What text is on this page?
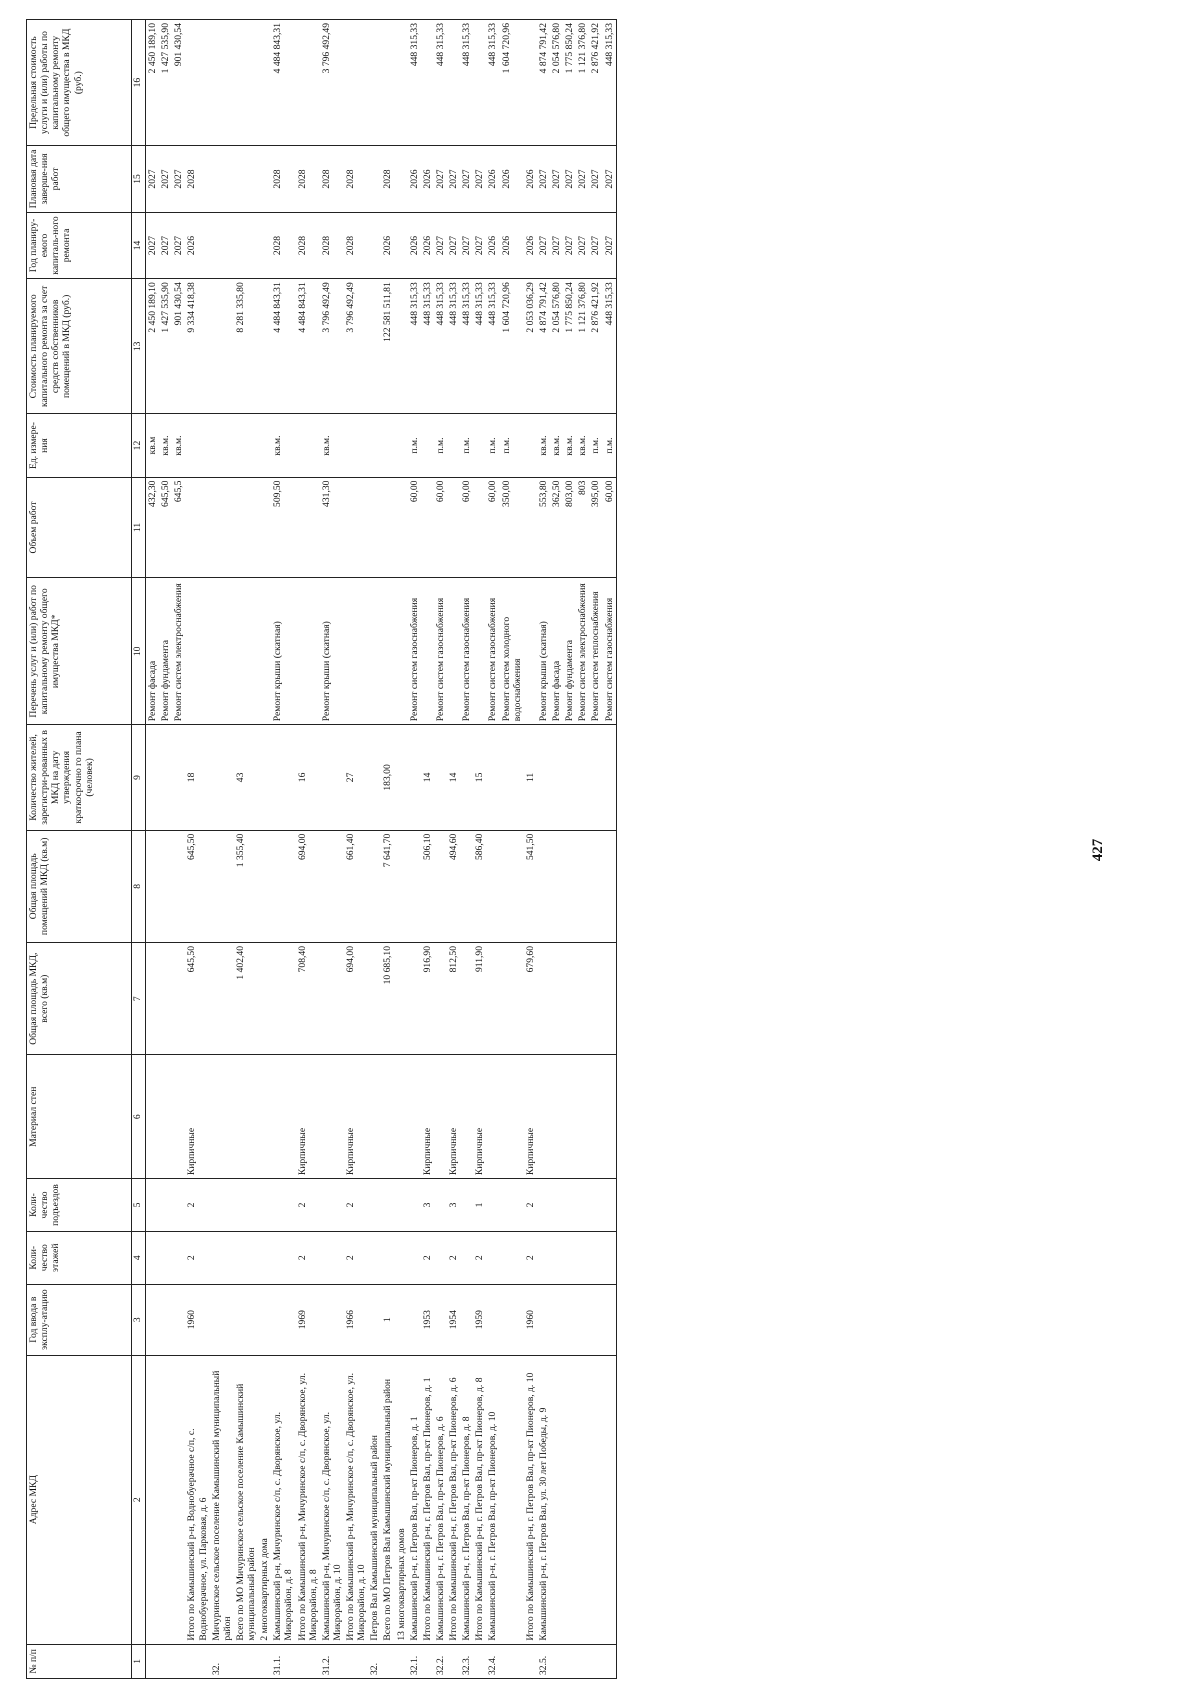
427
№ п/п	Адрес МКД	Год ввода в эксплу-атацию	Коли-чество этажей	Коли-чество подъездов	Материал стен	Общая площадь МКД, всего (кв.м)	Общая площадь помещений МКД (кв.м)	Количество жителей, зарегистри-рованных в МКД на дату утверждения краткосрочно го плана (человек)	Перечень услуг и (или) работ по капитальному ремонту общего имущества МКД*	Объем работ	Ед. измере-ния	Стоимость планируемого капитального ремонта за счет средств собственников помещений в МКД (руб.)	Год планиру-емого капиталь-ного ремонта	Плановая дата заверше-ния работ	Предельная стоимость услуги и (или) работы по капитальному ремонту общего имущества в МКД (руб.)
1	2	3	4	5	6	7	8	9	10	11	12	13	14	15	16
									Ремонт фасада	432,30	кв.м	2 450 189,10	2027	2027	2 450 189,10
									Ремонт фундамента	645,50	кв.м.	1 427 535,90	2027	2027	1 427 535,90
									Ремонт систем электроснабжения	645,5	кв.м.	901 430,54	2027	2027	901 430,54
	Итого по Камышинский р-н, Воднобуерачное с/п, с. Воднобуерачное, ул. Парковая, д. 6	1960	2	2	Кирпичные	645,50	645,50	18				9 334 418,38	2026	2028	
32.	Мичуринское сельское поселение Камышинский муниципальный район														
	Всего по МО Мичуринское сельское поселение Камышинский муниципальный район					1 402,40	1 355,40	43				8 281 335,80			
	2 многоквартирных дома														
31.1.	Камышинский р-н, Мичуринское с/п, с. Дворянское, ул. Микрорайон, д. 8								Ремонт крыши (скатная)	509,50	кв.м.	4 484 843,31	2028	2028	4 484 843,31
	Итого по Камышинский р-н, Мичуринское с/п, с. Дворянское, ул. Микрорайон, д. 8	1969	2	2	Кирпичные	708,40	694,00	16				4 484 843,31	2028	2028	
31.2.	Камышинский р-н, Мичуринское с/п, с. Дворянское, ул. Микрорайон, д. 10								Ремонт крыши (скатная)	431,30	кв.м.	3 796 492,49	2028	2028	3 796 492,49
	Итого по Камышинский р-н, Мичуринское с/п, с. Дворянское, ул. Микрорайон, д. 10	1966	2	2	Кирпичные	694,00	661,40	27				3 796 492,49	2028	2028	
32.	Петров Вал Камышинский муниципальный район														
	Всего по МО Петров Вал Камышинский муниципальный район	1				10 685,10	7 641,70	183,00				122 581 511,81	2026	2028	
	13 многоквартирных домов														
32.1.	Камышинский р-н, г. Петров Вал, пр-кт Пионеров, д. 1								Ремонт систем газоснабжения	60,00	п.м.	448 315,33	2026	2026	448 315,33
	Итого по Камышинский р-н, г. Петров Вал, пр-кт Пионеров, д. 1	1953	2	3	Кирпичные	916,90	506,10	14				448 315,33	2026	2026	
32.2.	Камышинский р-н, г. Петров Вал, пр-кт Пионеров, д. 6								Ремонт систем газоснабжения	60,00	п.м.	448 315,33	2027	2027	448 315,33
	Итого по Камышинский р-н, г. Петров Вал, пр-кт Пионеров, д. 6	1954	2	3	Кирпичные	812,50	494,60	14				448 315,33	2027	2027	
32.3.	Камышинский р-н, г. Петров Вал, пр-кт Пионеров, д. 8								Ремонт систем газоснабжения	60,00	п.м.	448 315,33	2027	2027	448 315,33
	Итого по Камышинский р-н, г. Петров Вал, пр-кт Пионеров, д. 8	1959	2	1	Кирпичные	911,90	586,40	15				448 315,33	2027	2027	
32.4.	Камышинский р-н, г. Петров Вал, пр-кт Пионеров, д. 10								Ремонт систем газоснабжения	60,00	п.м.	448 315,33	2026	2026	448 315,33
									Ремонт систем холодного водоснабжения	350,00	п.м.	1 604 720,96	2026	2026	1 604 720,96
	Итого по Камышинский р-н, г. Петров Вал, пр-кт Пионеров, д. 10	1960	2	2	Кирпичные	679,60	541,50	11				2 053 036,29	2026	2026	
32.5.	Камышинский р-н, г. Петров Вал, ул. 30 лет Победы, д. 9								Ремонт крыши (скатная)	553,80	кв.м.	4 874 791,42	2027	2027	4 874 791,42
									Ремонт фасада	362,50	кв.м.	2 054 576,80	2027	2027	2 054 576,80
									Ремонт фундамента	803,00	кв.м.	1 775 850,24	2027	2027	1 775 850,24
									Ремонт систем электроснабжения	803	кв.м.	1 121 376,80	2027	2027	1 121 376,80
									Ремонт систем теплоснабжения	395,00	п.м.	2 876 421,92	2027	2027	2 876 421,92
									Ремонт систем газоснабжения	60,00	п.м.	448 315,33	2027	2027	448 315,33
